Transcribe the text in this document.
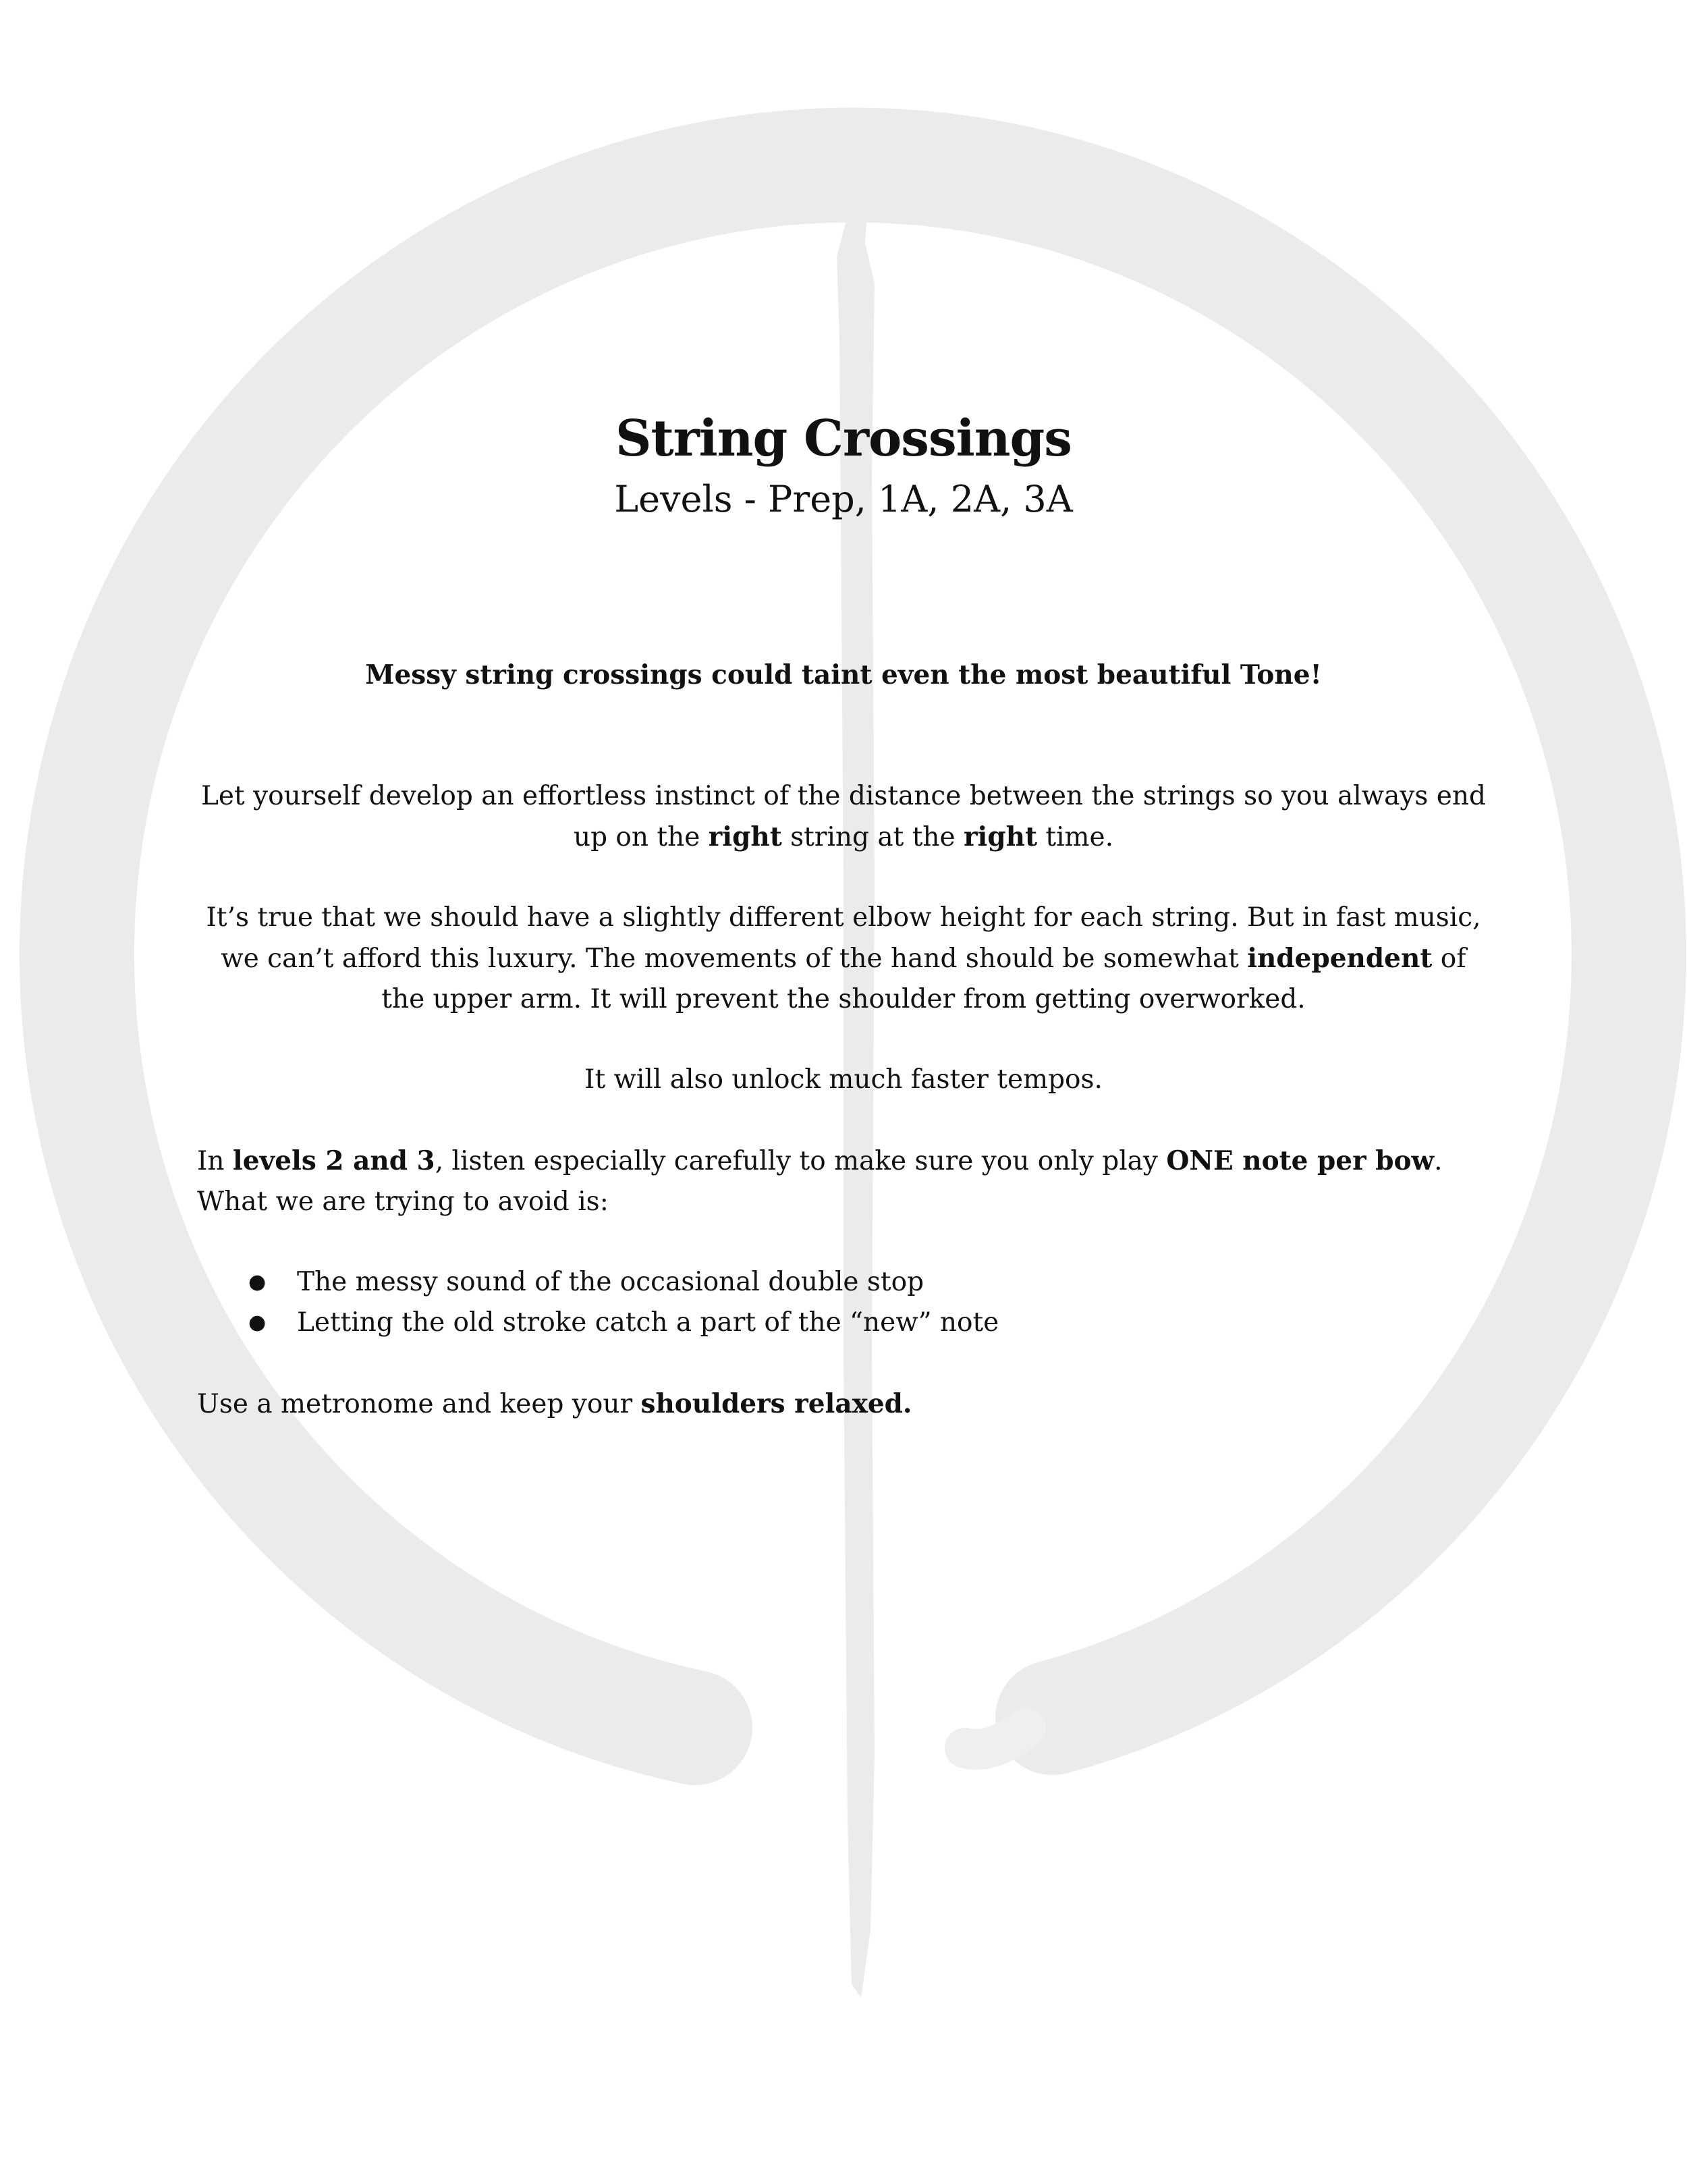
String Crossings
Levels - Prep, 1A, 2A, 3A
Messy string crossings could taint even the most beautiful Tone!
Let yourself develop an effortless instinct of the distance between the strings so you always end up on the right string at the right time.
It’s true that we should have a slightly different elbow height for each string. But in fast music, we can’t afford this luxury. The movements of the hand should be somewhat independent of the upper arm. It will prevent the shoulder from getting overworked.
It will also unlock much faster tempos.
In levels 2 and 3, listen especially carefully to make sure you only play ONE note per bow. What we are trying to avoid is:
● The messy sound of the occasional double stop
● Letting the old stroke catch a part of the “new” note
Use a metronome and keep your shoulders relaxed.
